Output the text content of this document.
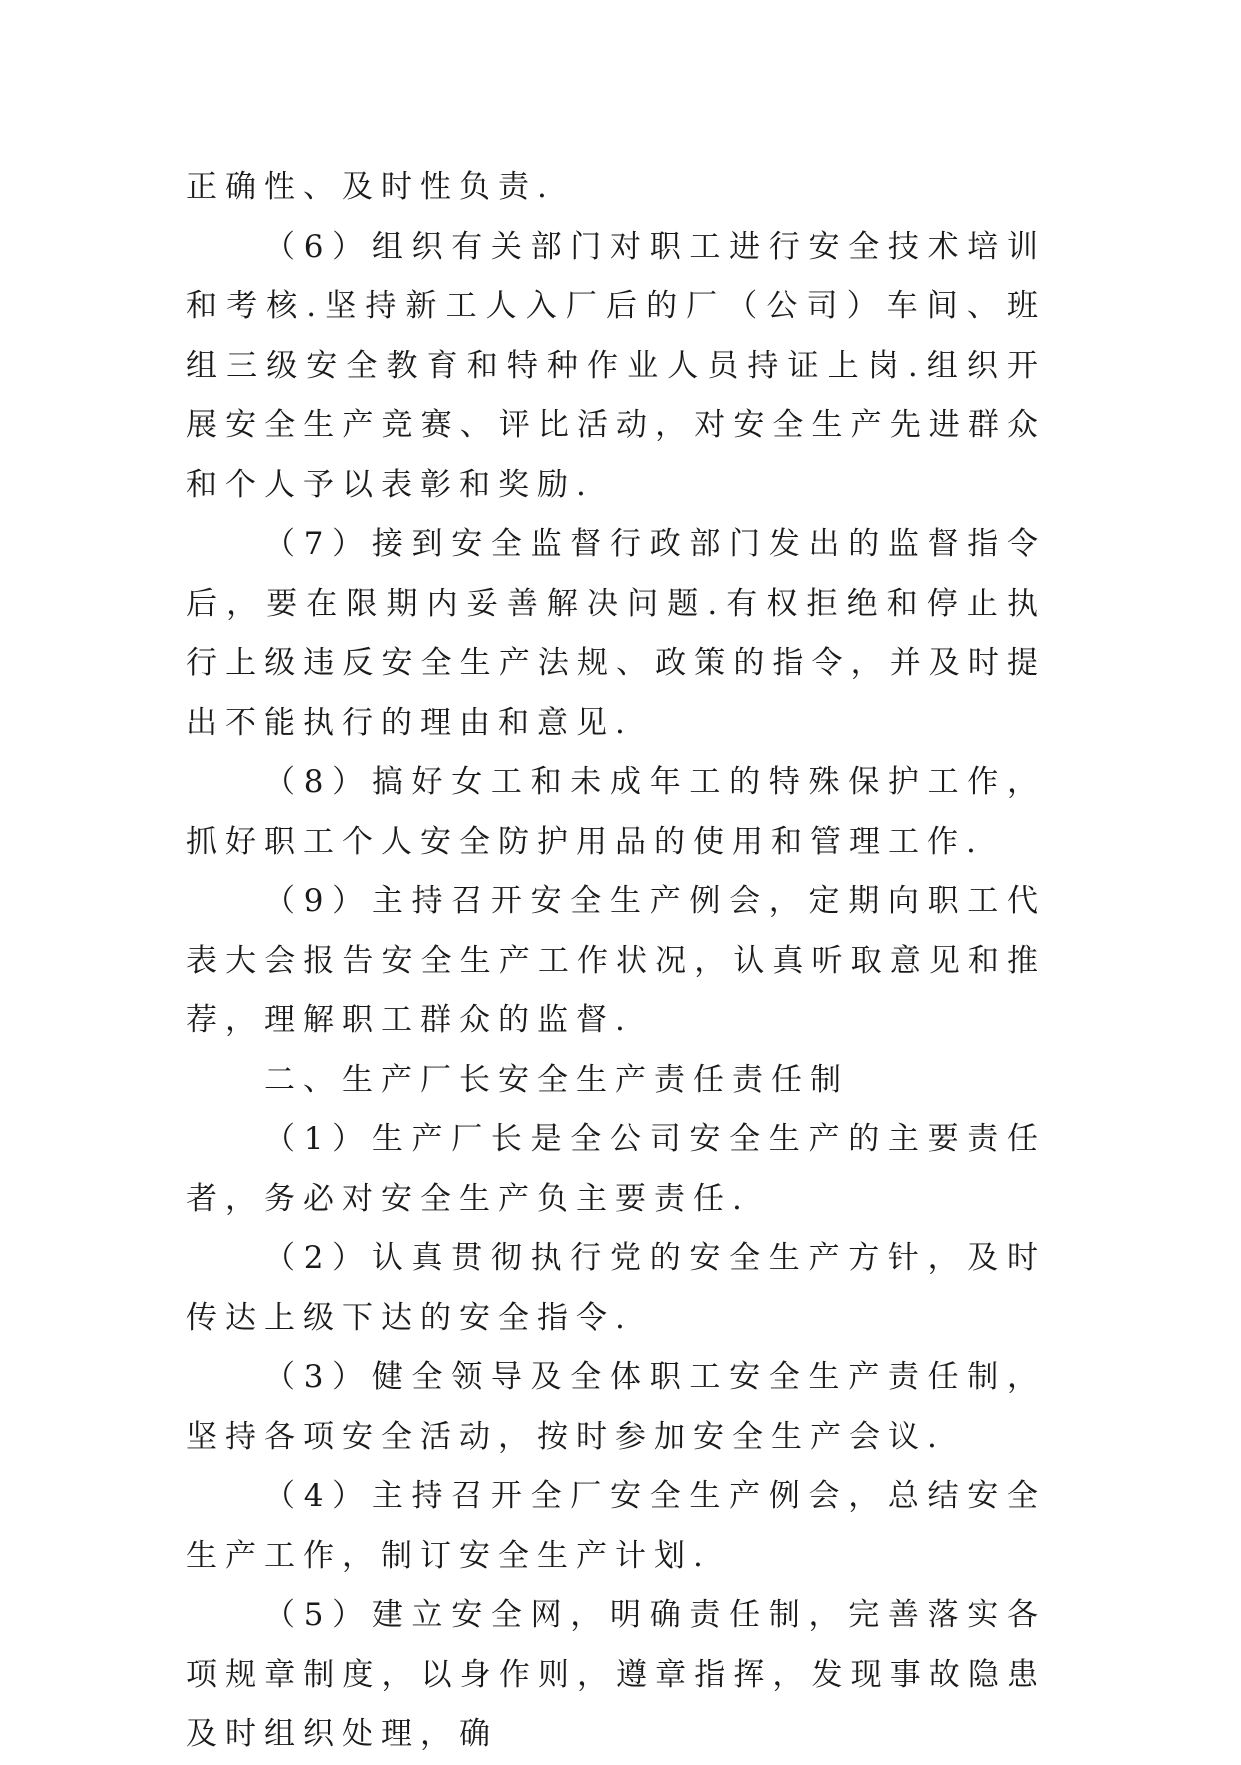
正确性、及时性负责.

（6）组织有关部门对职工进行安全技术培训和考核.坚持新工人入厂后的厂（公司）车间、班组三级安全教育和特种作业人员持证上岗.组织开展安全生产竞赛、评比活动，对安全生产先进群众和个人予以表彰和奖励.

（7）接到安全监督行政部门发出的监督指令后，要在限期内妥善解决问题.有权拒绝和停止执行上级违反安全生产法规、政策的指令，并及时提出不能执行的理由和意见.

（8）搞好女工和未成年工的特殊保护工作，抓好职工个人安全防护用品的使用和管理工作.

（9）主持召开安全生产例会，定期向职工代表大会报告安全生产工作状况，认真听取意见和推荐，理解职工群众的监督.

二、生产厂长安全生产责任责任制

（1）生产厂长是全公司安全生产的主要责任者，务必对安全生产负主要责任.

（2）认真贯彻执行党的安全生产方针，及时传达上级下达的安全指令.

（3）健全领导及全体职工安全生产责任制，坚持各项安全活动，按时参加安全生产会议.

（4）主持召开全厂安全生产例会，总结安全生产工作，制订安全生产计划.

（5）建立安全网，明确责任制，完善落实各项规章制度，以身作则，遵章指挥，发现事故隐患及时组织处理，确
